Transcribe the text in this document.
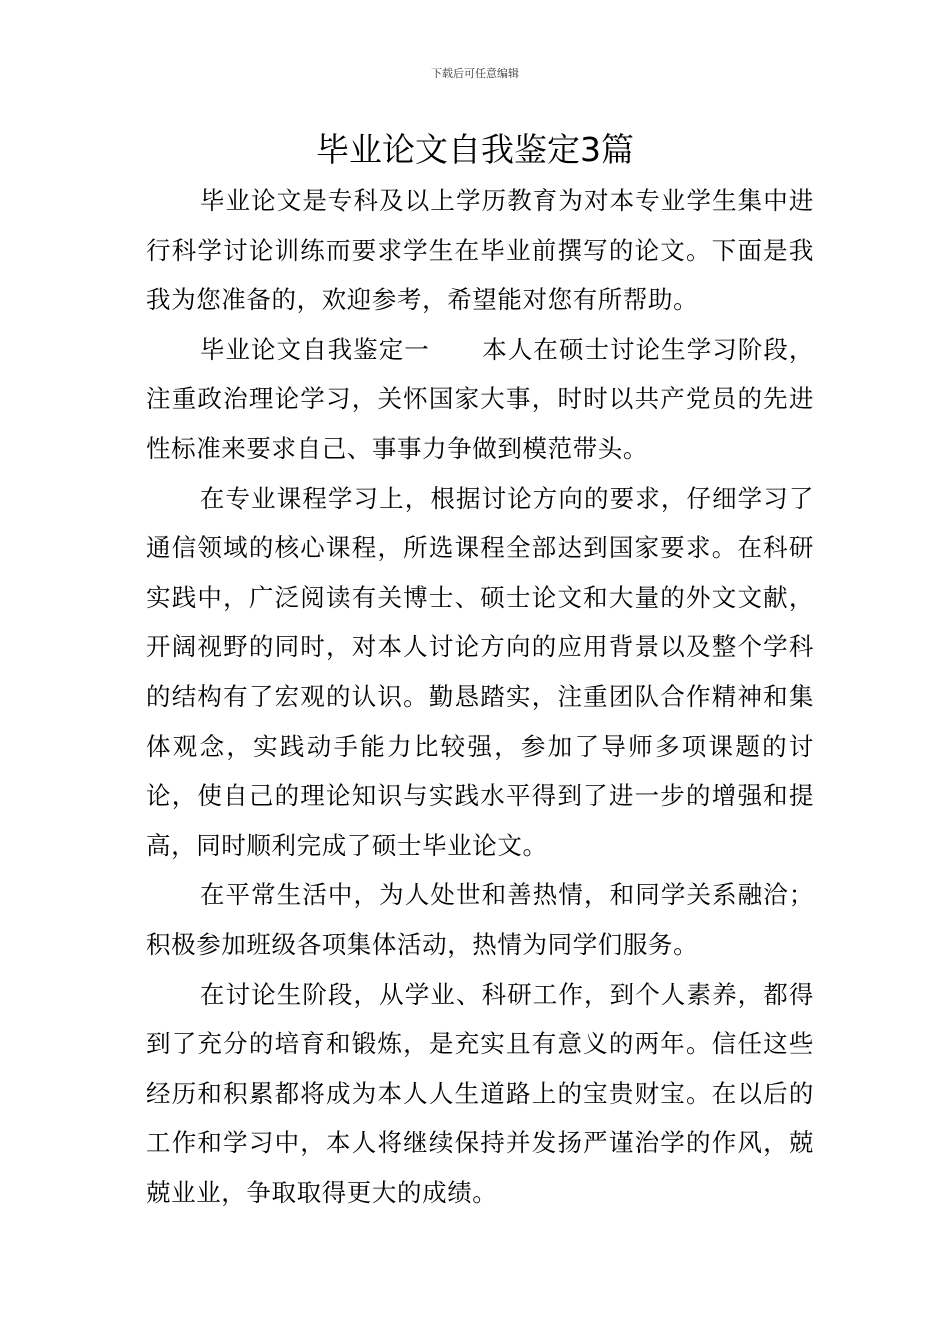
下载后可任意编辑
毕业论文自我鉴定3篇

毕业论文是专科及以上学历教育为对本专业学生集中进行科学讨论训练而要求学生在毕业前撰写的论文。下面是我我为您准备的，欢迎参考，希望能对您有所帮助。

毕业论文自我鉴定一 本人在硕士讨论生学习阶段，注重政治理论学习，关怀国家大事，时时以共产党员的先进性标准来要求自己、事事力争做到模范带头。

在专业课程学习上，根据讨论方向的要求，仔细学习了通信领域的核心课程，所选课程全部达到国家要求。在科研实践中，广泛阅读有关博士、硕士论文和大量的外文文献，开阔视野的同时，对本人讨论方向的应用背景以及整个学科的结构有了宏观的认识。勤恳踏实，注重团队合作精神和集体观念，实践动手能力比较强，参加了导师多项课题的讨论，使自己的理论知识与实践水平得到了进一步的增强和提高，同时顺利完成了硕士毕业论文。

在平常生活中，为人处世和善热情，和同学关系融洽；积极参加班级各项集体活动，热情为同学们服务。

在讨论生阶段，从学业、科研工作，到个人素养，都得到了充分的培育和锻炼，是充实且有意义的两年。信任这些经历和积累都将成为本人人生道路上的宝贵财宝。在以后的工作和学习中，本人将继续保持并发扬严谨治学的作风，兢兢业业，争取取得更大的成绩。
